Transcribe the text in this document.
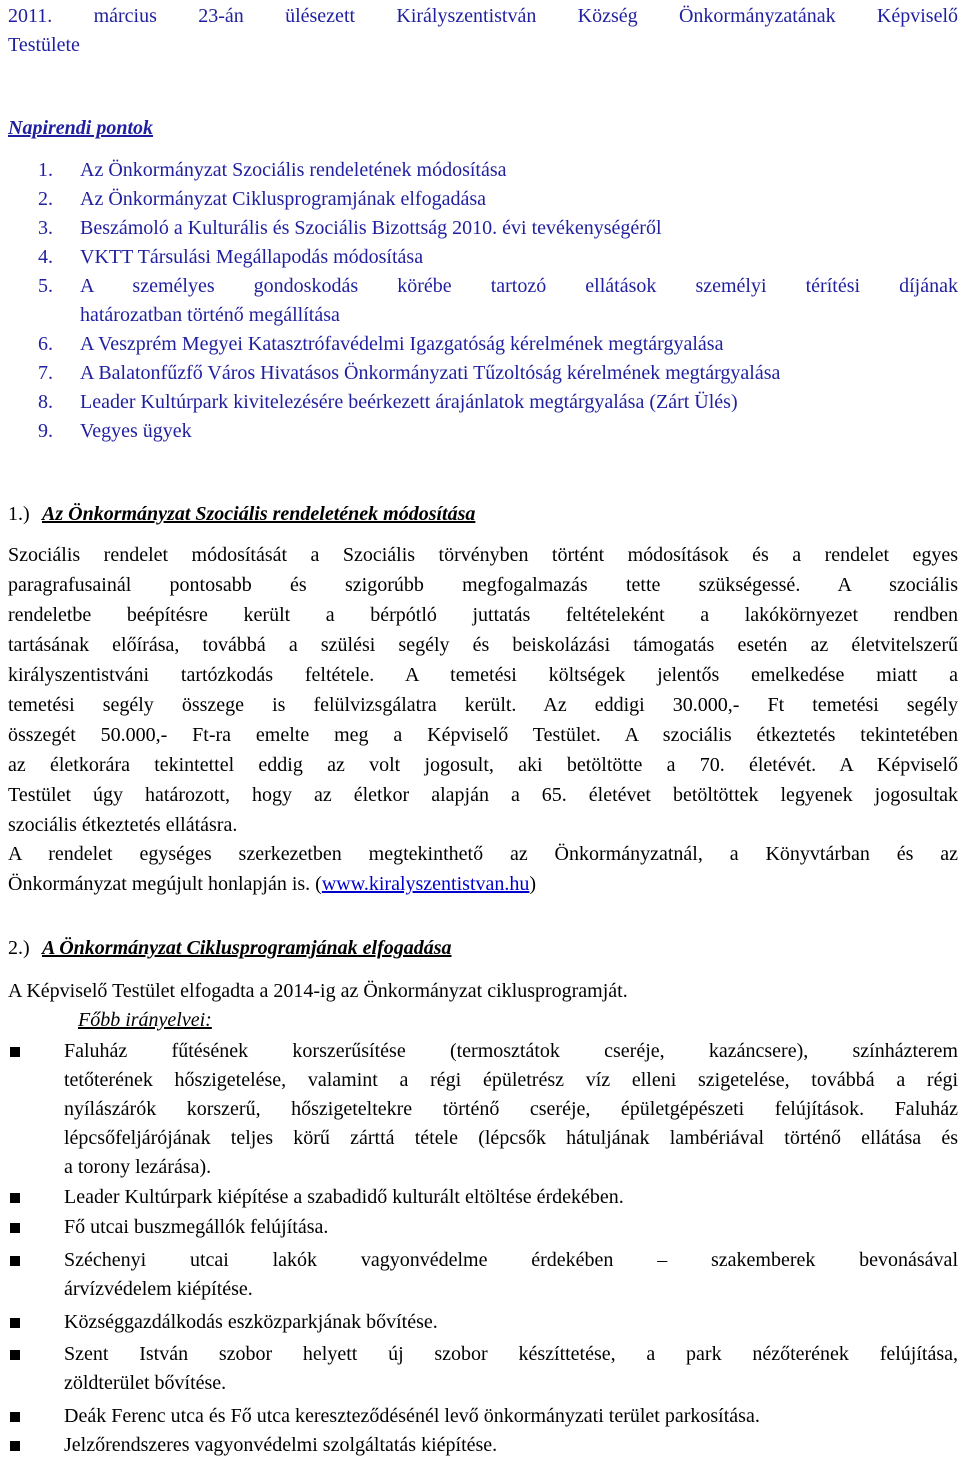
2011. március 23-án ülésezett Királyszentistván Község Önkormányzatának Képviselő
Testülete
Napirendi pontok
1. Az Önkormányzat Szociális rendeletének módosítása
2. Az Önkormányzat Ciklusprogramjának elfogadása
3. Beszámoló a Kulturális és Szociális Bizottság 2010. évi tevékenységéről
4. VKTT Társulási Megállapodás módosítása
5. A személyes gondoskodás körébe tartozó ellátások személyi térítési díjának
határozatban történő megállítása
6. A Veszprém Megyei Katasztrófavédelmi Igazgatóság kérelmének megtárgyalása
7. A Balatonfűzfő Város Hivatásos Önkormányzati Tűzoltóság kérelmének megtárgyalása
8. Leader Kultúrpark kivitelezésére beérkezett árajánlatok megtárgyalása (Zárt Ülés)
9. Vegyes ügyek
1.) Az Önkormányzat Szociális rendeletének módosítása
Szociális rendelet módosítását a Szociális törvényben történt módosítások és a rendelet egyes
paragrafusainál pontosabb és szigorúbb megfogalmazás tette szükségessé. A szociális
rendeletbe beépítésre került a bérpótló juttatás feltételeként a lakókörnyezet rendben
tartásának előírása, továbbá a szülési segély és beiskolázási támogatás esetén az életvitelszerű
királyszentistváni tartózkodás feltétele. A temetési költségek jelentős emelkedése miatt a
temetési segély összege is felülvizsgálatra került. Az eddigi 30.000,- Ft temetési segély
összegét 50.000,- Ft-ra emelte meg a Képviselő Testület. A szociális étkeztetés tekintetében
az életkorára tekintettel eddig az volt jogosult, aki betöltötte a 70. életévét. A Képviselő
Testület úgy határozott, hogy az életkor alapján a 65. életévet betöltöttek legyenek jogosultak
szociális étkeztetés ellátásra.
A rendelet egységes szerkezetben megtekinthető az Önkormányzatnál, a Könyvtárban és az
Önkormányzat megújult honlapján is. (www.kiralyszentistvan.hu)
2.) A Önkormányzat Ciklusprogramjának elfogadása
A Képviselő Testület elfogadta a 2014-ig az Önkormányzat ciklusprogramját.
Főbb irányelvei:
Faluház fűtésének korszerűsítése (termosztátok cseréje, kazáncsere), színházterem
tetőterének hőszigetelése, valamint a régi épületrész víz elleni szigetelése, továbbá a régi
nyílászárók korszerű, hőszigeteltekre történő cseréje, épületgépészeti felújítások. Faluház
lépcsőfeljárójának teljes körű zárttá tétele (lépcsők hátuljának lambériával történő ellátása és
a torony lezárása).
Leader Kultúrpark kiépítése a szabadidő kulturált eltöltése érdekében.
Fő utcai buszmegállók felújítása.
Széchenyi utcai lakók vagyonvédelme érdekében – szakemberek bevonásával
árvízvédelem kiépítése.
Községgazdálkodás eszközparkjának bővítése.
Szent István szobor helyett új szobor készíttetése, a park nézőterének felújítása,
zöldterület bővítése.
Deák Ferenc utca és Fő utca kereszteződésénél levő önkormányzati terület parkosítása.
Jelzőrendszeres vagyonvédelmi szolgáltatás kiépítése.
